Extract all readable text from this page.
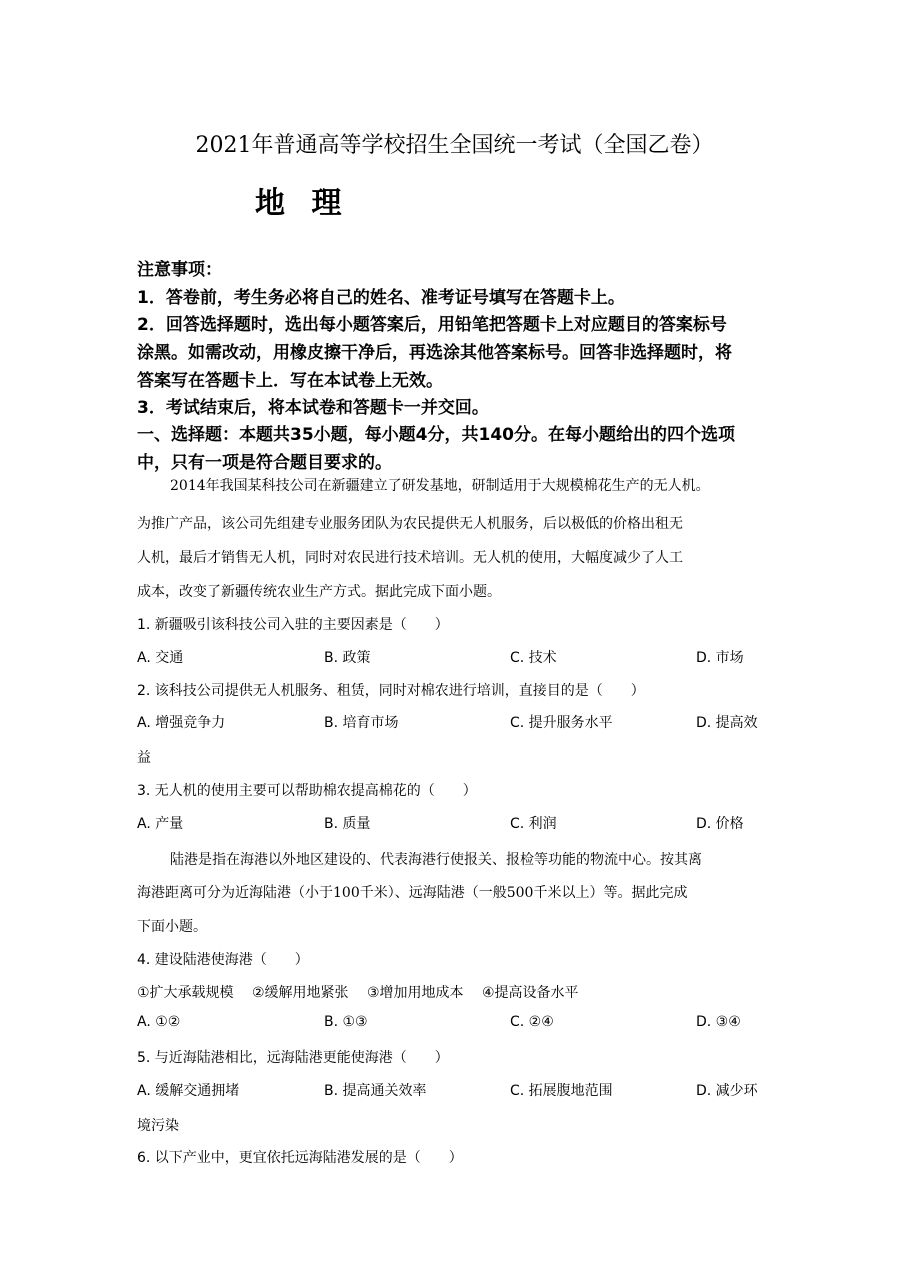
2021年普通高等学校招生全国统一考试（全国乙卷）
地 理
注意事项：
1．答卷前，考生务必将自己的姓名、准考证号填写在答题卡上。
2．回答选择题时，选出每小题答案后，用铅笔把答题卡上对应题目的答案标号
涂黑。如需改动，用橡皮擦干净后，再选涂其他答案标号。回答非选择题时，将
答案写在答题卡上．写在本试卷上无效。
3．考试结束后，将本试卷和答题卡一并交回。
一、选择题：本题共35小题，每小题4分，共140分。在每小题给出的四个选项
中，只有一项是符合题目要求的。
2014年我国某科技公司在新疆建立了研发基地，研制适用于大规模棉花生产的无人机。
为推广产品，该公司先组建专业服务团队为农民提供无人机服务，后以极低的价格出租无
人机，最后才销售无人机，同时对农民进行技术培训。无人机的使用，大幅度减少了人工
成本，改变了新疆传统农业生产方式。据此完成下面小题。
1. 新疆吸引该科技公司入驻的主要因素是（　　）
A. 交通	B. 政策	C. 技术	D. 市场
2. 该科技公司提供无人机服务、租赁，同时对棉农进行培训，直接目的是（　　）
A. 增强竞争力	B. 培育市场	C. 提升服务水平	D. 提高效
益
3. 无人机的使用主要可以帮助棉农提高棉花的（　　）
A. 产量	B. 质量	C. 利润	D. 价格
陆港是指在海港以外地区建设的、代表海港行使报关、报检等功能的物流中心。按其离
海港距离可分为近海陆港（小于100千米）、远海陆港（一般500千米以上）等。据此完成
下面小题。
4. 建设陆港使海港（　　）
①扩大承载规模　 ②缓解用地紧张　 ③增加用地成本　 ④提高设备水平
A. ①②	B. ①③	C. ②④	D. ③④
5. 与近海陆港相比，远海陆港更能使海港（　　）
A. 缓解交通拥堵	B. 提高通关效率	C. 拓展腹地范围	D. 减少环
境污染
6. 以下产业中，更宜依托远海陆港发展的是（　　）
